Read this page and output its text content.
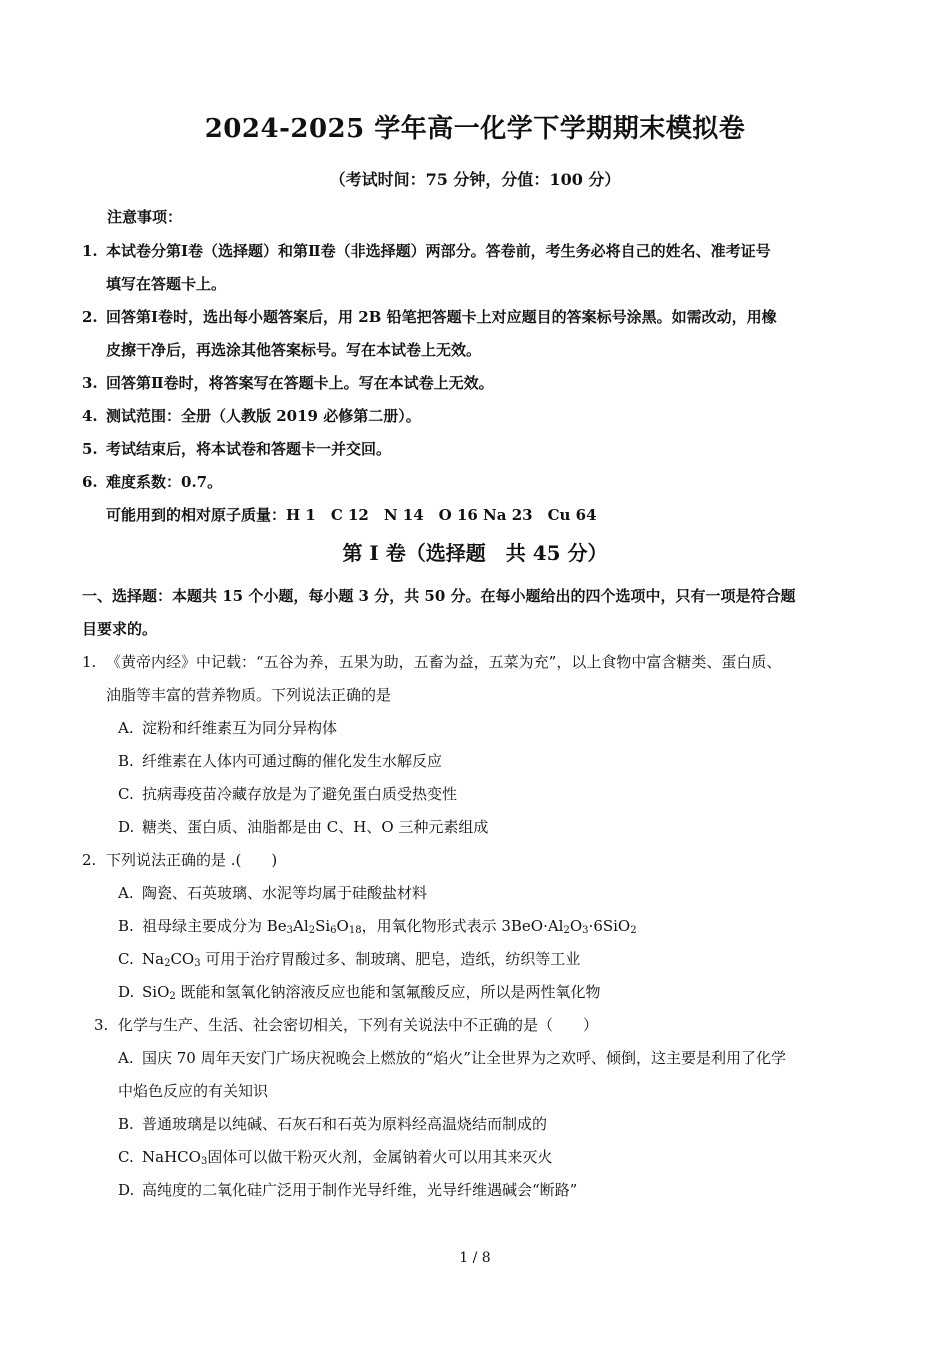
2024-2025 学年高一化学下学期期末模拟卷
（考试时间：75 分钟，分值：100 分）
注意事项：
1. 本试卷分第Ⅰ卷（选择题）和第Ⅱ卷（非选择题）两部分。答卷前，考生务必将自己的姓名、准考证号
填写在答题卡上。
2. 回答第Ⅰ卷时，选出每小题答案后，用 2B 铅笔把答题卡上对应题目的答案标号涂黑。如需改动，用橡
皮擦干净后，再选涂其他答案标号。写在本试卷上无效。
3. 回答第Ⅱ卷时，将答案写在答题卡上。写在本试卷上无效。
4. 测试范围：全册（人教版 2019 必修第二册）。
5. 考试结束后，将本试卷和答题卡一并交回。
6. 难度系数：0.7。
可能用到的相对原子质量：H 1　C 12　N 14　O 16 Na 23　Cu 64
第 I 卷（选择题　共 45 分）
一、选择题：本题共 15 个小题，每小题 3 分，共 50 分。在每小题给出的四个选项中，只有一项是符合题
目要求的。
1. 《黄帝内经》中记载：“五谷为养，五果为助，五畜为益，五菜为充”，以上食物中富含糖类、蛋白质、
油脂等丰富的营养物质。下列说法正确的是
A. 淀粉和纤维素互为同分异构体
B. 纤维素在人体内可通过酶的催化发生水解反应
C. 抗病毒疫苗冷藏存放是为了避免蛋白质受热变性
D. 糖类、蛋白质、油脂都是由 C、H、O 三种元素组成
2. 下列说法正确的是 .(　　)
A. 陶瓷、石英玻璃、水泥等均属于硅酸盐材料
B. 祖母绿主要成分为 $Be_3Al_2Si_6O_{18}$，用氧化物形式表示 $3BeO\cdot Al_2O_3\cdot 6SiO_2$
C. $Na_2CO_3$ 可用于治疗胃酸过多、制玻璃、肥皂，造纸，纺织等工业
D. SiO$_2$ 既能和氢氧化钠溶液反应也能和氢氟酸反应，所以是两性氧化物
3. 化学与生产、生活、社会密切相关，下列有关说法中不正确的是（　　）
A. 国庆 70 周年天安门广场庆祝晚会上燃放的“焰火”让全世界为之欢呼、倾倒，这主要是利用了化学
中焰色反应的有关知识
B. 普通玻璃是以纯碱、石灰石和石英为原料经高温烧结而制成的
C. NaHCO$_3$固体可以做干粉灭火剂，金属钠着火可以用其来灭火
D. 高纯度的二氧化硅广泛用于制作光导纤维，光导纤维遇碱会“断路”
1 / 8
